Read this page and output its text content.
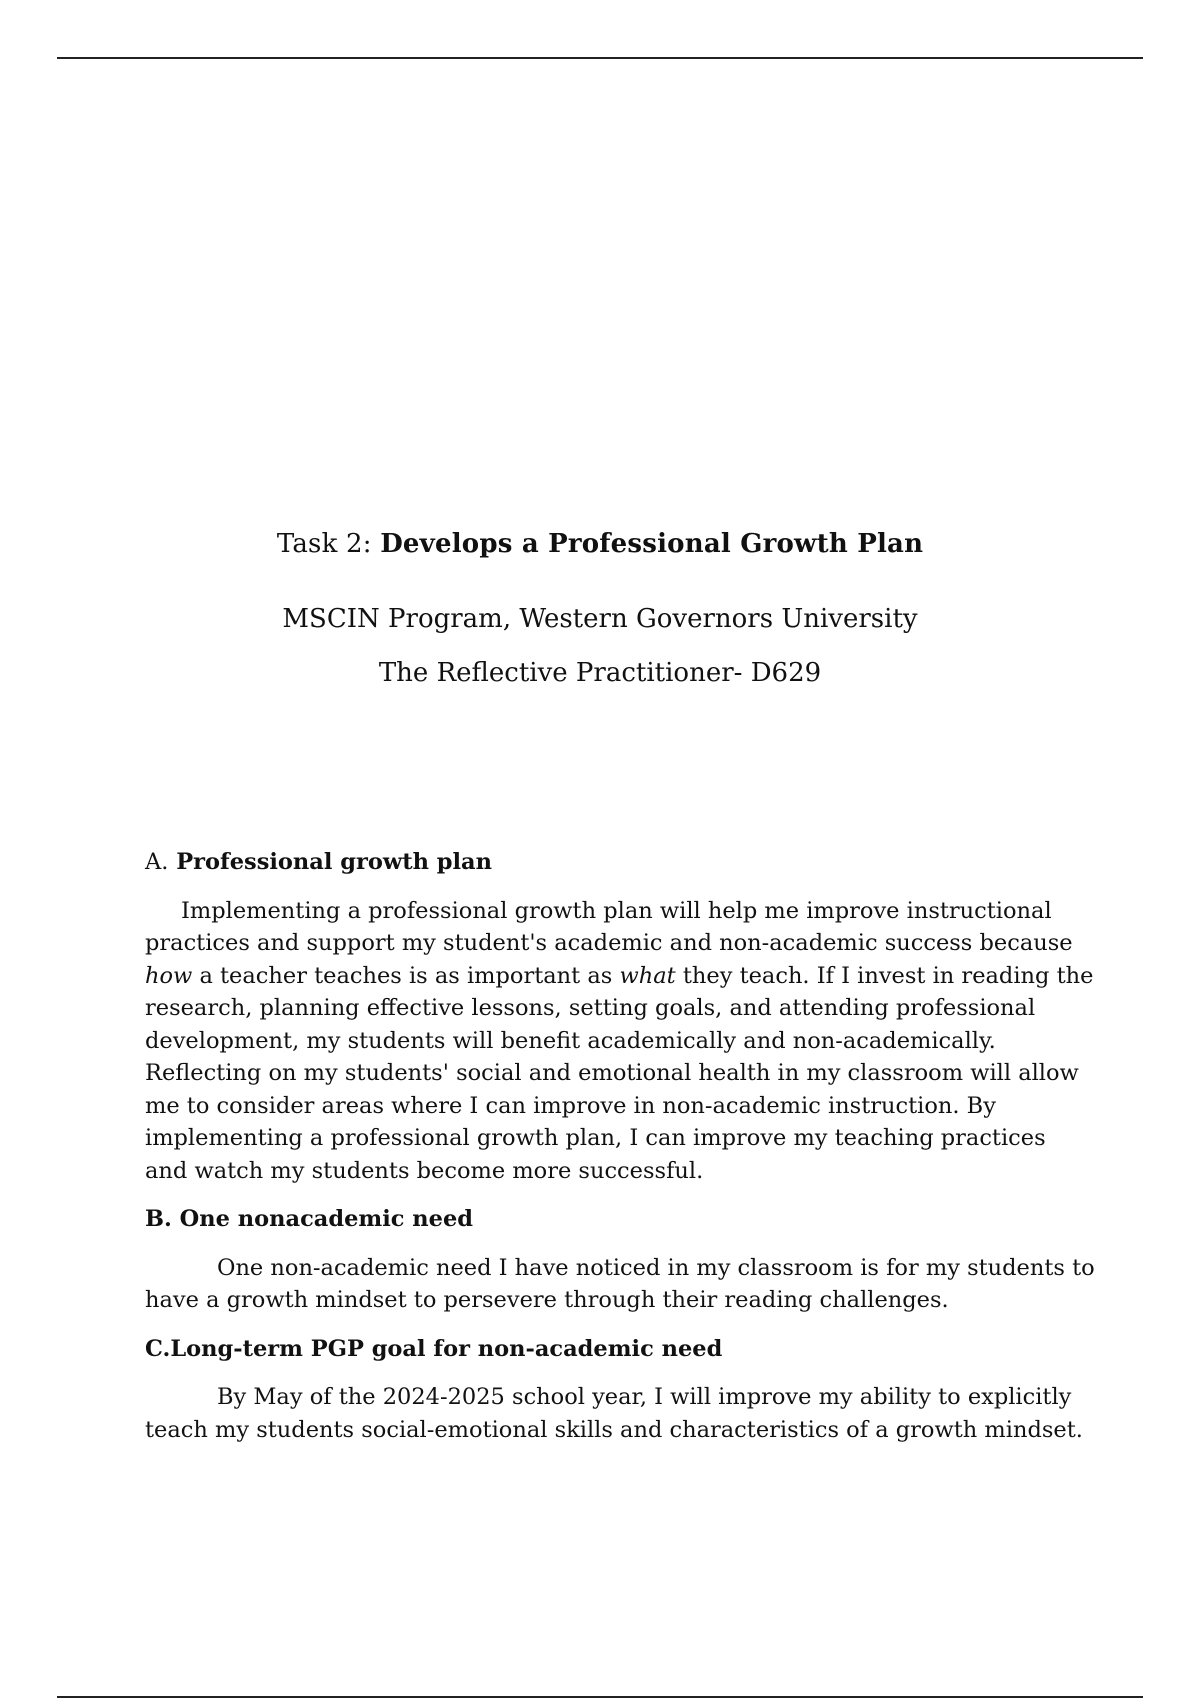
Task 2: Develops a Professional Growth Plan

MSCIN Program, Western Governors University

The Reflective Practitioner- D629

A. Professional growth plan

Implementing a professional growth plan will help me improve instructional practices and support my student's academic and non-academic success because how a teacher teaches is as important as what they teach. If I invest in reading the research, planning effective lessons, setting goals, and attending professional development, my students will benefit academically and non-academically. Reflecting on my students' social and emotional health in my classroom will allow me to consider areas where I can improve in non-academic instruction. By implementing a professional growth plan, I can improve my teaching practices and watch my students become more successful.

B. One nonacademic need

One non-academic need I have noticed in my classroom is for my students to have a growth mindset to persevere through their reading challenges.

C.Long-term PGP goal for non-academic need

By May of the 2024-2025 school year, I will improve my ability to explicitly teach my students social-emotional skills and characteristics of a growth mindset.
